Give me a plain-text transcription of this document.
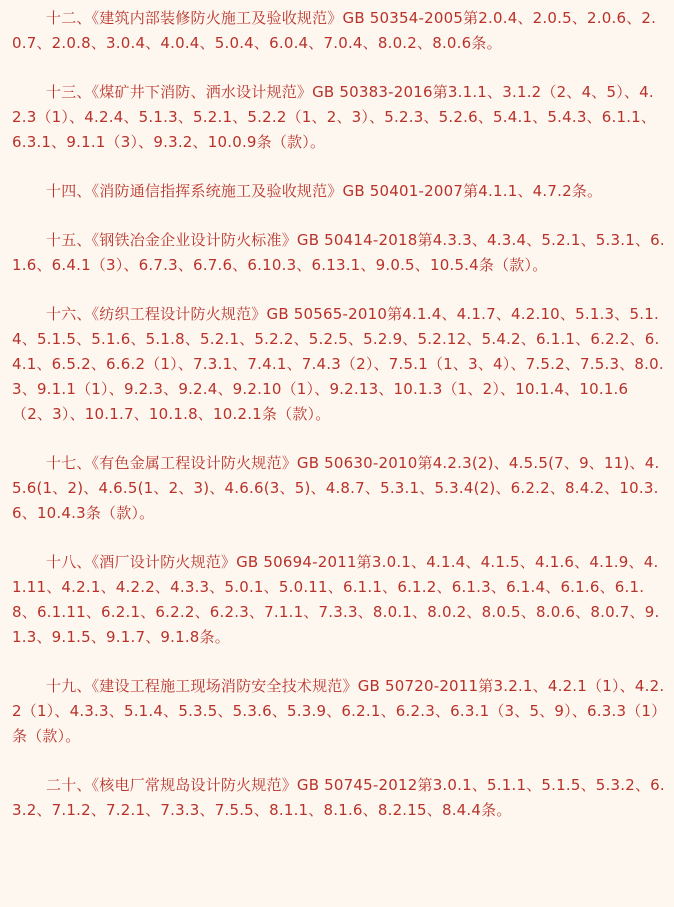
十二、《建筑内部装修防火施工及验收规范》GB 50354-2005第2.0.4、2.0.5、2.0.6、2.0.7、2.0.8、3.0.4、4.0.4、5.0.4、6.0.4、7.0.4、8.0.2、8.0.6条。

十三、《煤矿井下消防、洒水设计规范》GB 50383-2016第3.1.1、3.1.2（2、4、5）、4.2.3（1）、4.2.4、5.1.3、5.2.1、5.2.2（1、2、3）、5.2.3、5.2.6、5.4.1、5.4.3、6.1.1、6.3.1、9.1.1（3）、9.3.2、10.0.9条（款）。

十四、《消防通信指挥系统施工及验收规范》GB 50401-2007第4.1.1、4.7.2条。

十五、《钢铁冶金企业设计防火标准》GB 50414-2018第4.3.3、4.3.4、5.2.1、5.3.1、6.1.6、6.4.1（3）、6.7.3、6.7.6、6.10.3、6.13.1、9.0.5、10.5.4条（款）。

十六、《纺织工程设计防火规范》GB 50565-2010第4.1.4、4.1.7、4.2.10、5.1.3、5.1.4、5.1.5、5.1.6、5.1.8、5.2.1、5.2.2、5.2.5、5.2.9、5.2.12、5.4.2、6.1.1、6.2.2、6.4.1、6.5.2、6.6.2（1）、7.3.1、7.4.1、7.4.3（2）、7.5.1（1、3、4）、7.5.2、7.5.3、8.0.3、9.1.1（1）、9.2.3、9.2.4、9.2.10（1）、9.2.13、10.1.3（1、2）、10.1.4、10.1.6（2、3）、10.1.7、10.1.8、10.2.1条（款）。

十七、《有色金属工程设计防火规范》GB 50630-2010第4.2.3(2)、4.5.5(7、9、11)、4.5.6(1、2)、4.6.5(1、2、3)、4.6.6(3、5)、4.8.7、5.3.1、5.3.4(2)、6.2.2、8.4.2、10.3.6、10.4.3条（款）。

十八、《酒厂设计防火规范》GB 50694-2011第3.0.1、4.1.4、4.1.5、4.1.6、4.1.9、4.1.11、4.2.1、4.2.2、4.3.3、5.0.1、5.0.11、6.1.1、6.1.2、6.1.3、6.1.4、6.1.6、6.1.8、6.1.11、6.2.1、6.2.2、6.2.3、7.1.1、7.3.3、8.0.1、8.0.2、8.0.5、8.0.6、8.0.7、9.1.3、9.1.5、9.1.7、9.1.8条。

十九、《建设工程施工现场消防安全技术规范》GB 50720-2011第3.2.1、4.2.1（1）、4.2.2（1）、4.3.3、5.1.4、5.3.5、5.3.6、5.3.9、6.2.1、6.2.3、6.3.1（3、5、9）、6.3.3（1）条（款）。

二十、《核电厂常规岛设计防火规范》GB 50745-2012第3.0.1、5.1.1、5.1.5、5.3.2、6.3.2、7.1.2、7.2.1、7.3.3、7.5.5、8.1.1、8.1.6、8.2.15、8.4.4条。
